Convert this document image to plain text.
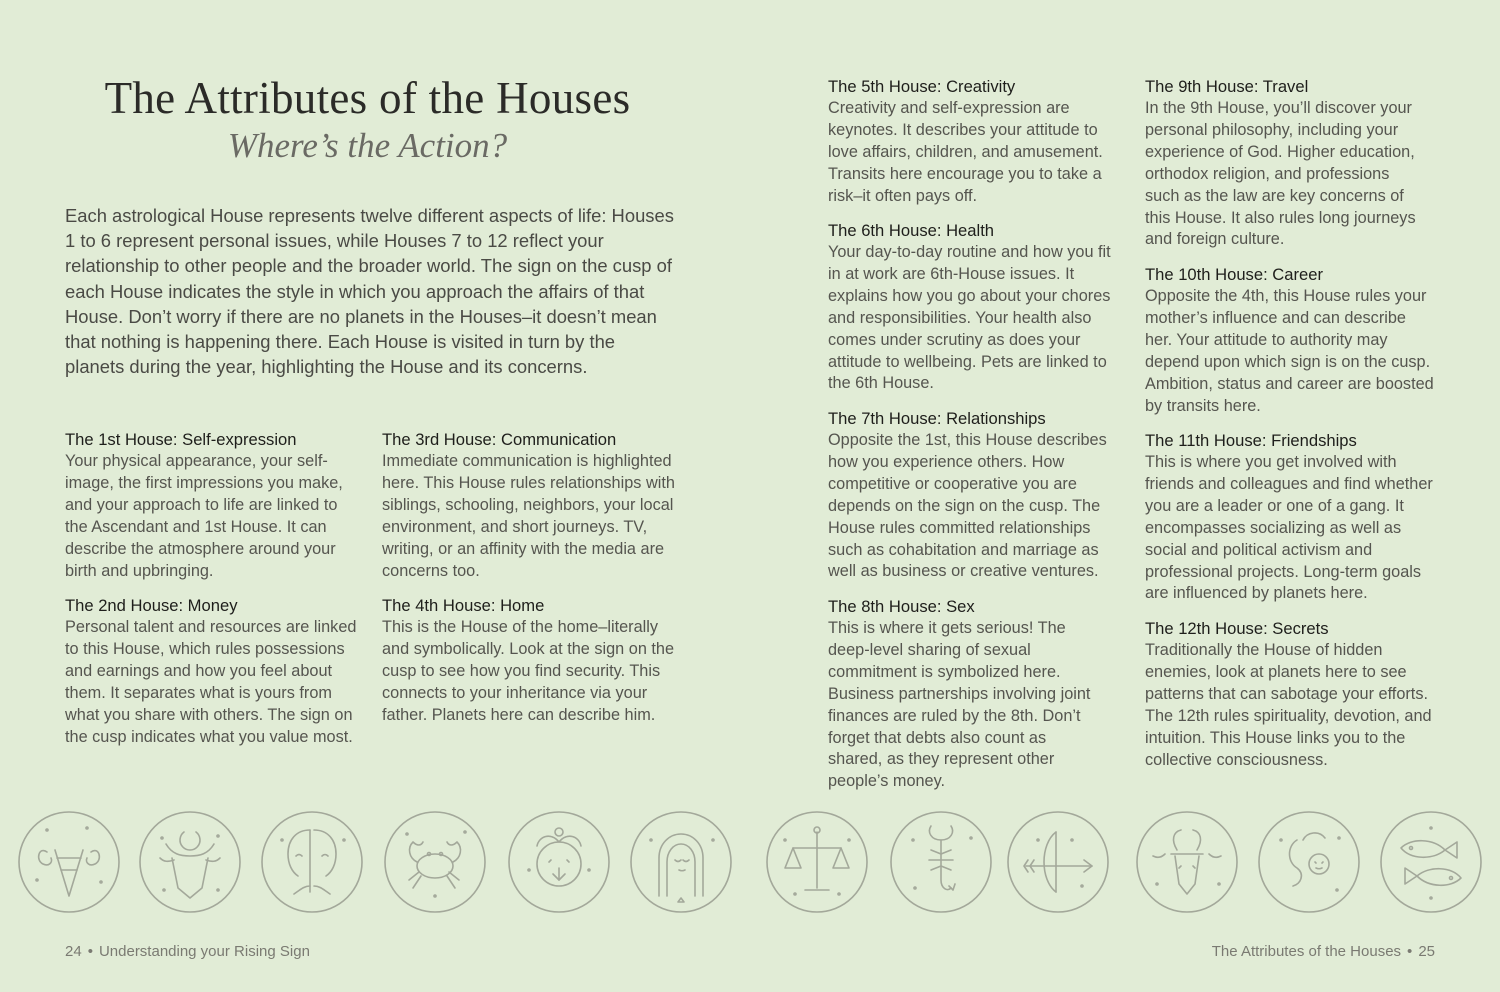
The Attributes of the Houses
Where’s the Action?

Each astrological House represents twelve different aspects of life: Houses 1 to 6 represent personal issues, while Houses 7 to 12 reflect your relationship to other people and the broader world. The sign on the cusp of each House indicates the style in which you approach the affairs of that House. Don’t worry if there are no planets in the Houses–it doesn’t mean that nothing is happening there. Each House is visited in turn by the planets during the year, highlighting the House and its concerns.

The 1st House: Self-expression

Your physical appearance, your self-image, the first impressions you make, and your approach to life are linked to the Ascendant and 1st House. It can describe the atmosphere around your birth and upbringing.

The 2nd House: Money

Personal talent and resources are linked to this House, which rules possessions and earnings and how you feel about them. It separates what is yours from what you share with others. The sign on the cusp indicates what you value most.

The 3rd House: Communication

Immediate communication is highlighted here. This House rules relationships with siblings, schooling, neighbors, your local environment, and short journeys. TV, writing, or an affinity with the media are concerns too.

The 4th House: Home

This is the House of the home–literally and symbolically. Look at the sign on the cusp to see how you find security. This connects to your inheritance via your father. Planets here can describe him.

24 • Understanding your Rising Sign
The 5th House: Creativity

Creativity and self-expression are keynotes. It describes your attitude to love affairs, children, and amusement. Transits here encourage you to take a risk–it often pays off.

The 6th House: Health

Your day-to-day routine and how you fit in at work are 6th-House issues. It explains how you go about your chores and responsibilities. Your health also comes under scrutiny as does your attitude to wellbeing. Pets are linked to the 6th House.

The 7th House: Relationships

Opposite the 1st, this House describes how you experience others. How competitive or cooperative you are depends on the sign on the cusp. The House rules committed relationships such as cohabitation and marriage as well as business or creative ventures.

The 8th House: Sex

This is where it gets serious! The deep-level sharing of sexual commitment is symbolized here. Business partnerships involving joint finances are ruled by the 8th. Don’t forget that debts also count as shared, as they represent other people’s money.

The 9th House: Travel

In the 9th House, you’ll discover your personal philosophy, including your experience of God. Higher education, orthodox religion, and professions such as the law are key concerns of this House. It also rules long journeys and foreign culture.

The 10th House: Career

Opposite the 4th, this House rules your mother’s influence and can describe her. Your attitude to authority may depend upon which sign is on the cusp. Ambition, status and career are boosted by transits here.

The 11th House: Friendships

This is where you get involved with friends and colleagues and find whether you are a leader or one of a gang. It encompasses socializing as well as social and political activism and professional projects. Long-term goals are influenced by planets here.

The 12th House: Secrets

Traditionally the House of hidden enemies, look at planets here to see patterns that can sabotage your efforts. The 12th rules spirituality, devotion, and intuition. This House links you to the collective consciousness.

The Attributes of the Houses • 25
